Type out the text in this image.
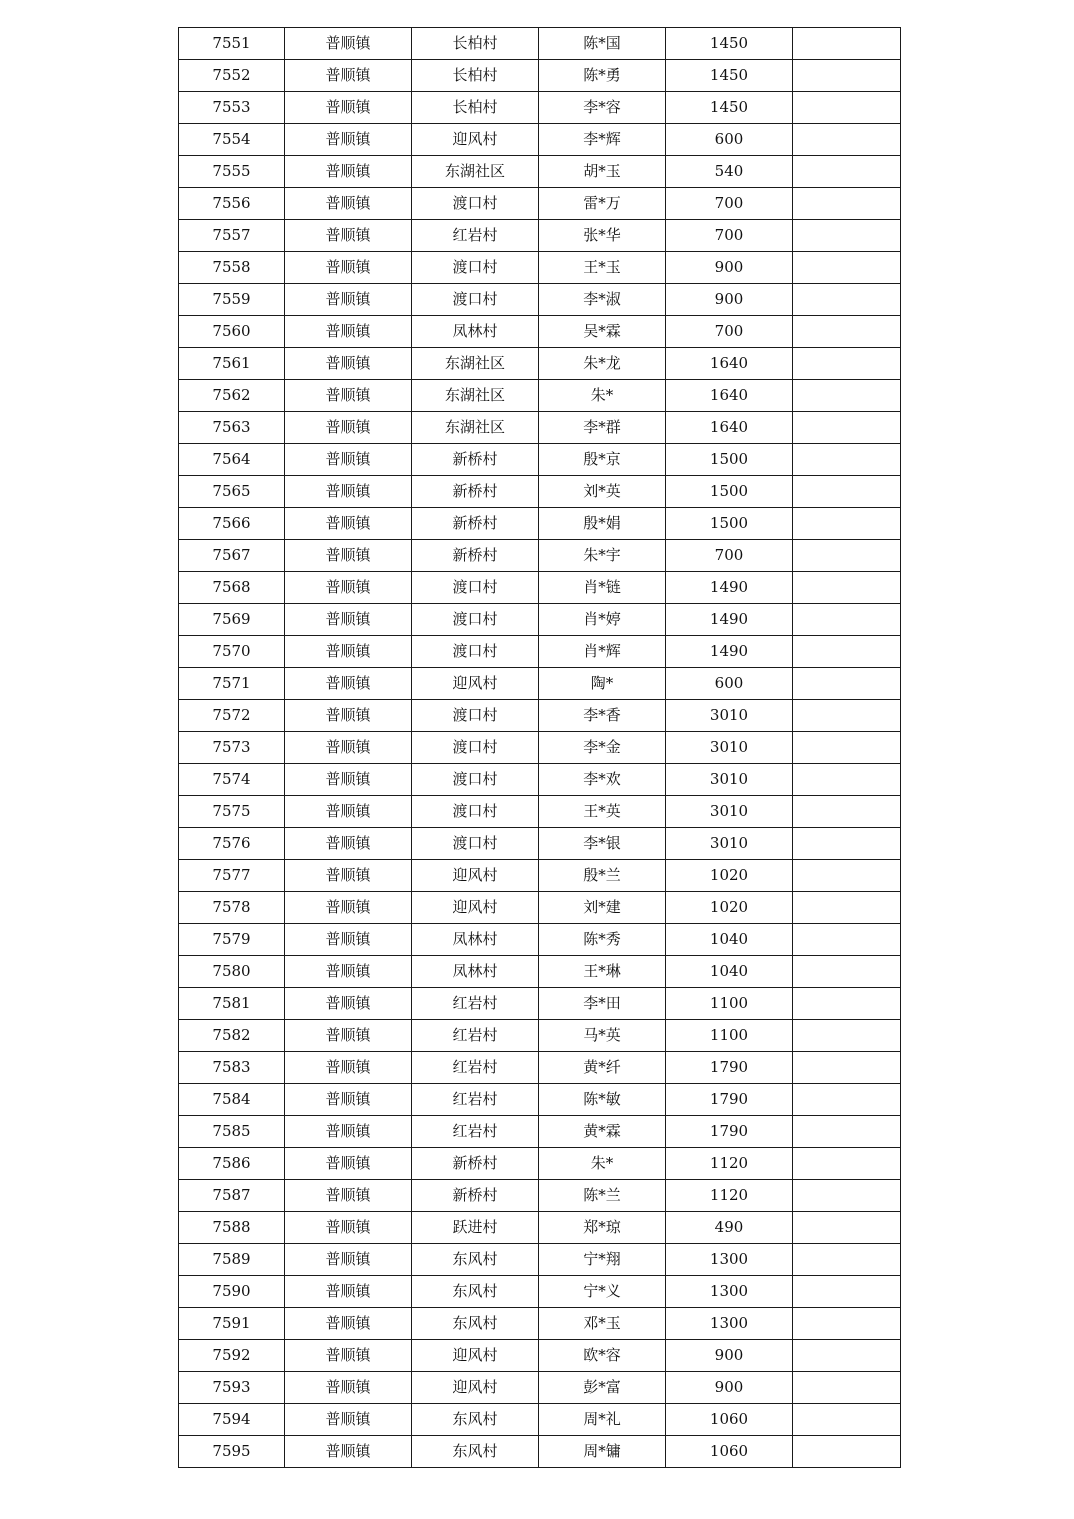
7551	普顺镇	长柏村	陈*国	1450	
7552	普顺镇	长柏村	陈*勇	1450	
7553	普顺镇	长柏村	李*容	1450	
7554	普顺镇	迎风村	李*辉	600	
7555	普顺镇	东湖社区	胡*玉	540	
7556	普顺镇	渡口村	雷*万	700	
7557	普顺镇	红岩村	张*华	700	
7558	普顺镇	渡口村	王*玉	900	
7559	普顺镇	渡口村	李*淑	900	
7560	普顺镇	凤林村	吴*霖	700	
7561	普顺镇	东湖社区	朱*龙	1640	
7562	普顺镇	东湖社区	朱*	1640	
7563	普顺镇	东湖社区	李*群	1640	
7564	普顺镇	新桥村	殷*京	1500	
7565	普顺镇	新桥村	刘*英	1500	
7566	普顺镇	新桥村	殷*娟	1500	
7567	普顺镇	新桥村	朱*宇	700	
7568	普顺镇	渡口村	肖*链	1490	
7569	普顺镇	渡口村	肖*婷	1490	
7570	普顺镇	渡口村	肖*辉	1490	
7571	普顺镇	迎风村	陶*	600	
7572	普顺镇	渡口村	李*香	3010	
7573	普顺镇	渡口村	李*金	3010	
7574	普顺镇	渡口村	李*欢	3010	
7575	普顺镇	渡口村	王*英	3010	
7576	普顺镇	渡口村	李*银	3010	
7577	普顺镇	迎风村	殷*兰	1020	
7578	普顺镇	迎风村	刘*建	1020	
7579	普顺镇	凤林村	陈*秀	1040	
7580	普顺镇	凤林村	王*琳	1040	
7581	普顺镇	红岩村	李*田	1100	
7582	普顺镇	红岩村	马*英	1100	
7583	普顺镇	红岩村	黄*纤	1790	
7584	普顺镇	红岩村	陈*敏	1790	
7585	普顺镇	红岩村	黄*霖	1790	
7586	普顺镇	新桥村	朱*	1120	
7587	普顺镇	新桥村	陈*兰	1120	
7588	普顺镇	跃进村	郑*琼	490	
7589	普顺镇	东风村	宁*翔	1300	
7590	普顺镇	东风村	宁*义	1300	
7591	普顺镇	东风村	邓*玉	1300	
7592	普顺镇	迎风村	欧*容	900	
7593	普顺镇	迎风村	彭*富	900	
7594	普顺镇	东风村	周*礼	1060	
7595	普顺镇	东风村	周*镛	1060	
